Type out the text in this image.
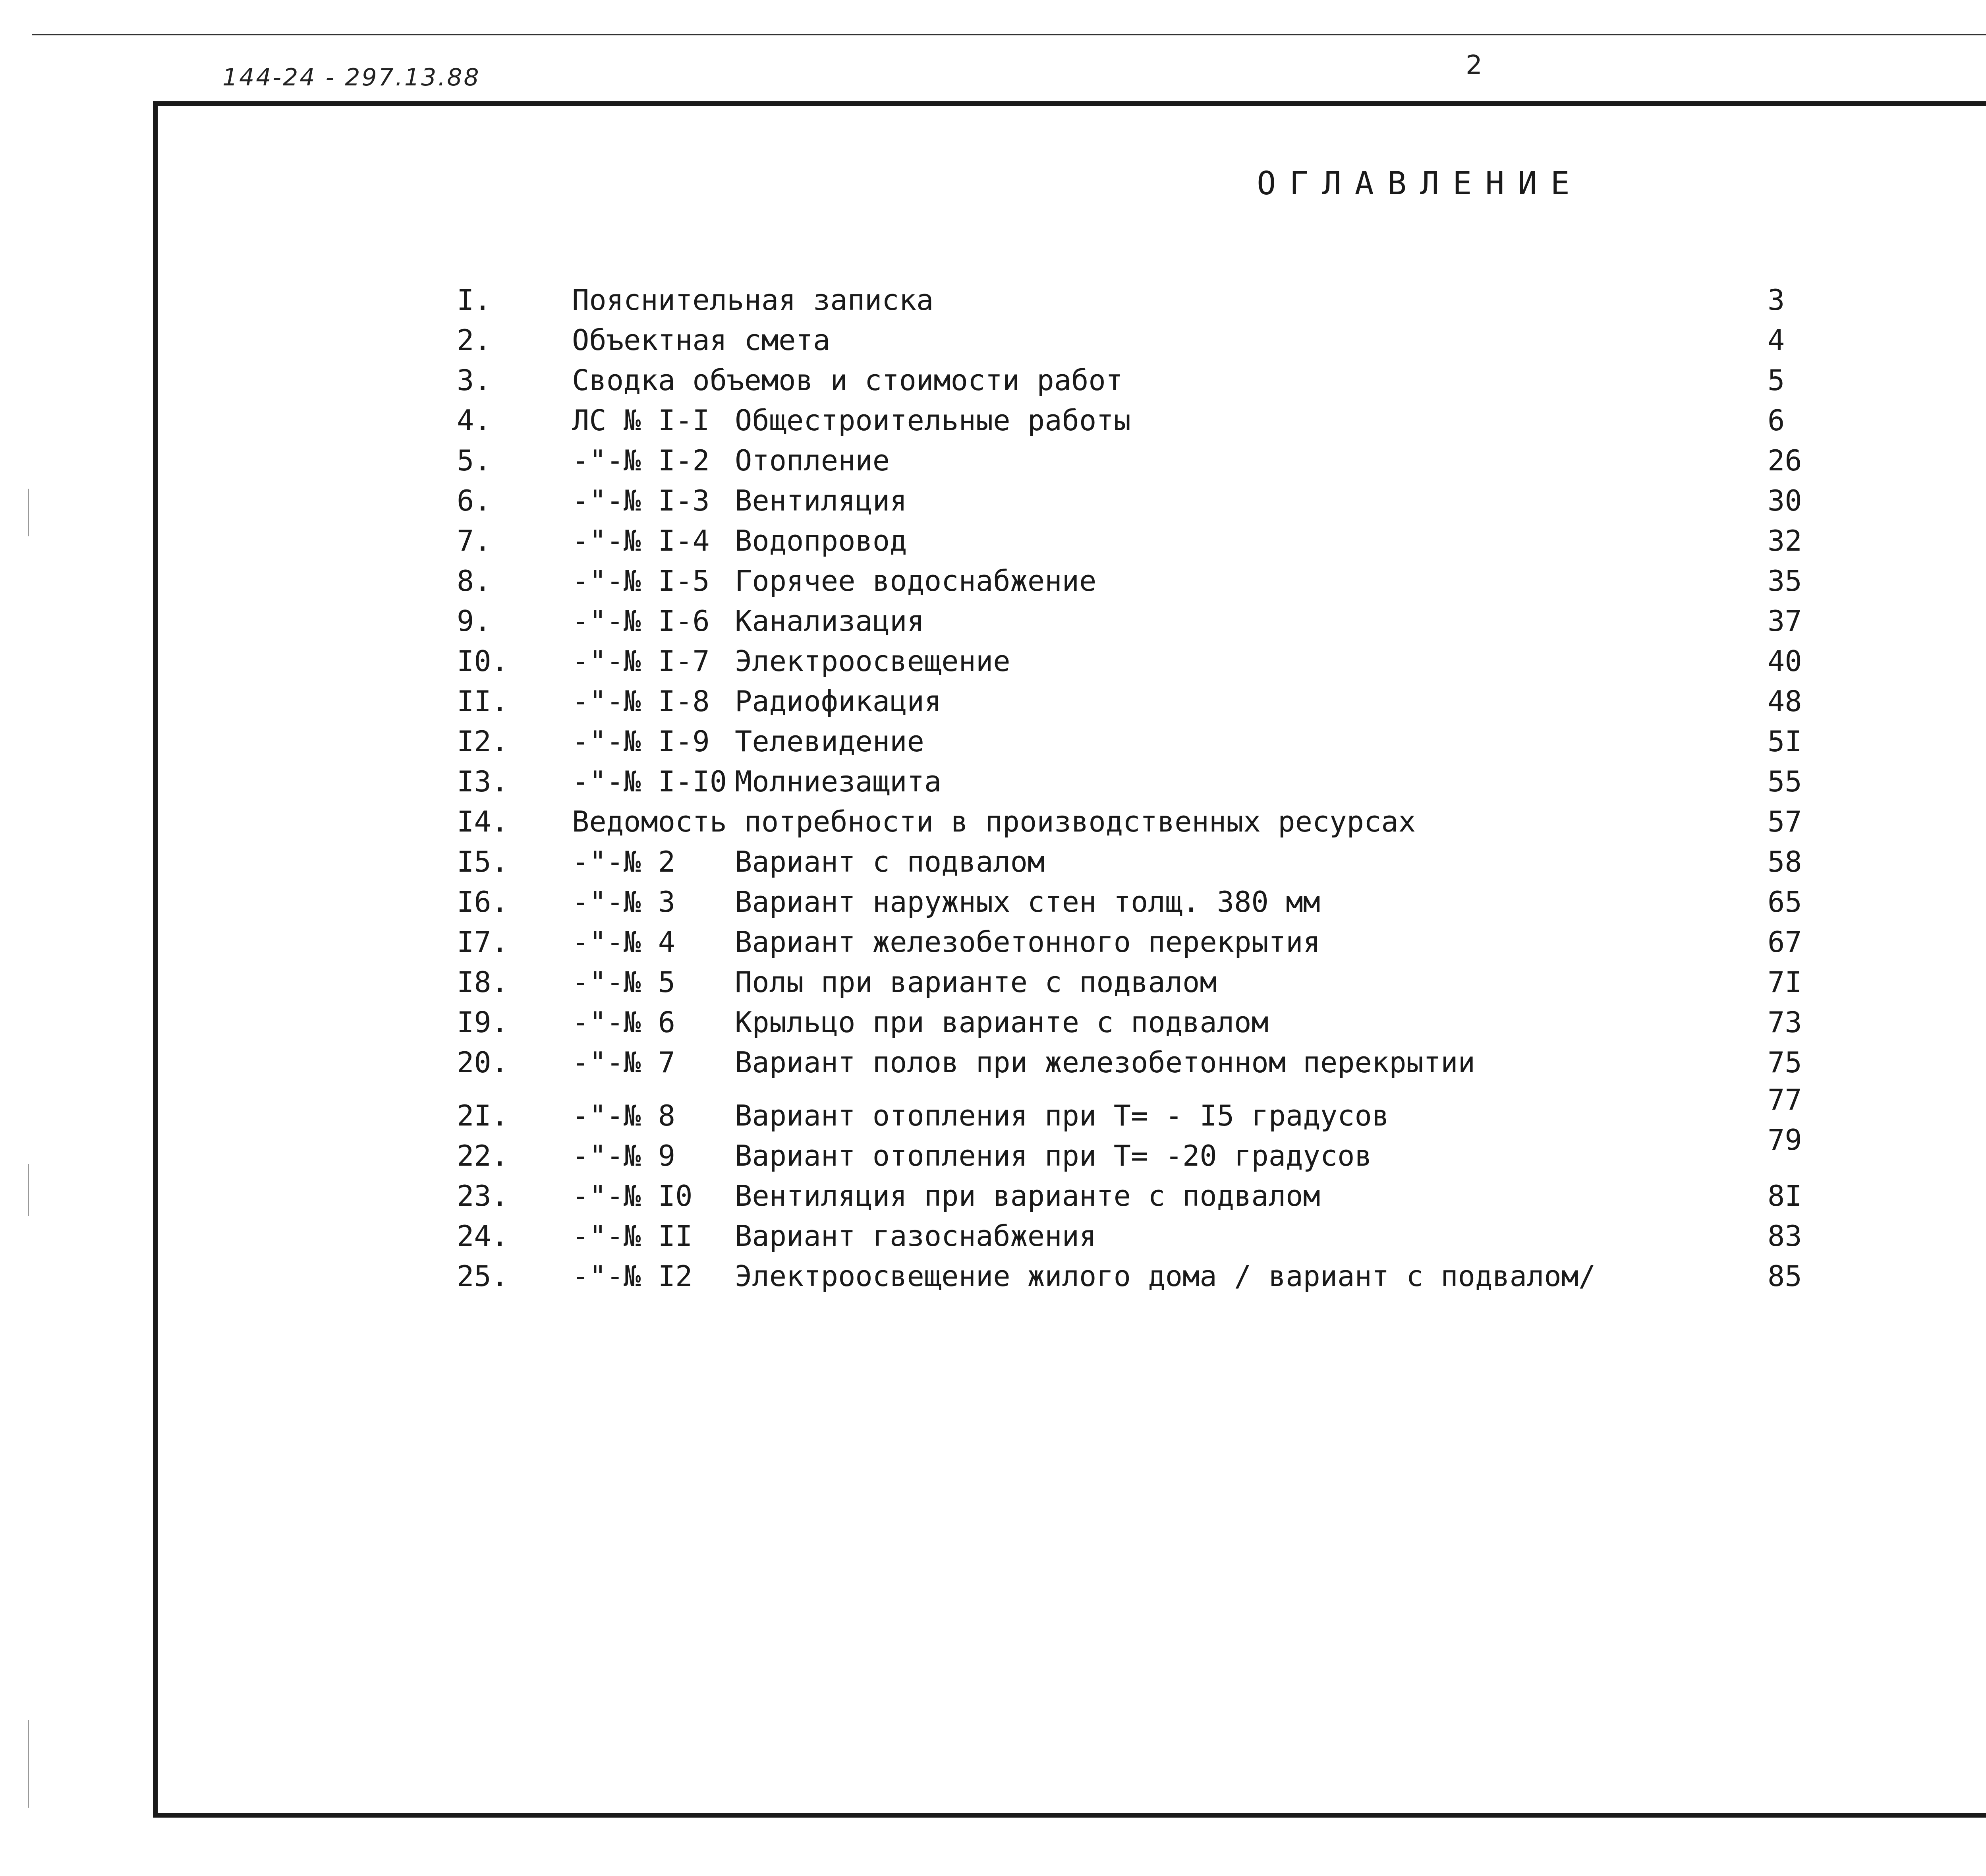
144-24 - 297.13.88	2
ОГЛАВЛЕНИЕ
I.	Пояснительная записка	3
2.	Объектная смета	4
3.	Сводка объемов и стоимости работ	5
4.	ЛС № I-I Общестроительные работы	6
5.	-"-№ I-2 Отопление	26
6.	-"-№ I-3 Вентиляция	30
7.	-"-№ I-4 Водопровод	32
8.	-"-№ I-5 Горячее водоснабжение	35
9.	-"-№ I-6 Канализация	37
I0. -"-№ I-7 Электроосвещение	40
II. -"-№ I-8 Радиофикация	48
I2. -"-№ I-9 Телевидение	5I
I3. -"-№ I-I0 Молниезащита	55
I4. Ведомость потребности в производственных ресурсах	57
I5. -"-№ 2 Вариант с подвалом	58
I6. -"-№ 3 Вариант наружных стен толщ. 380 мм	65
I7. -"-№ 4 Вариант железобетонного перекрытия	67
I8. -"-№ 5 Полы при варианте с подвалом	7I
I9. -"-№ 6 Крыльцо при варианте с подвалом	73
20. -"-№ 7 Вариант полов при железобетонном перекрытии	75
2I. -"-№ 8 Вариант отопления при Т= - I5 градусов	77
22. -"-№ 9 Вариант отопления при Т= -20 градусов	79
23. -"-№ I0 Вентиляция при варианте с подвалом	8I
24. -"-№ II Вариант газоснабжения	83
25. -"-№ I2 Электроосвещение жилого дома / вариант с подвалом/	85
